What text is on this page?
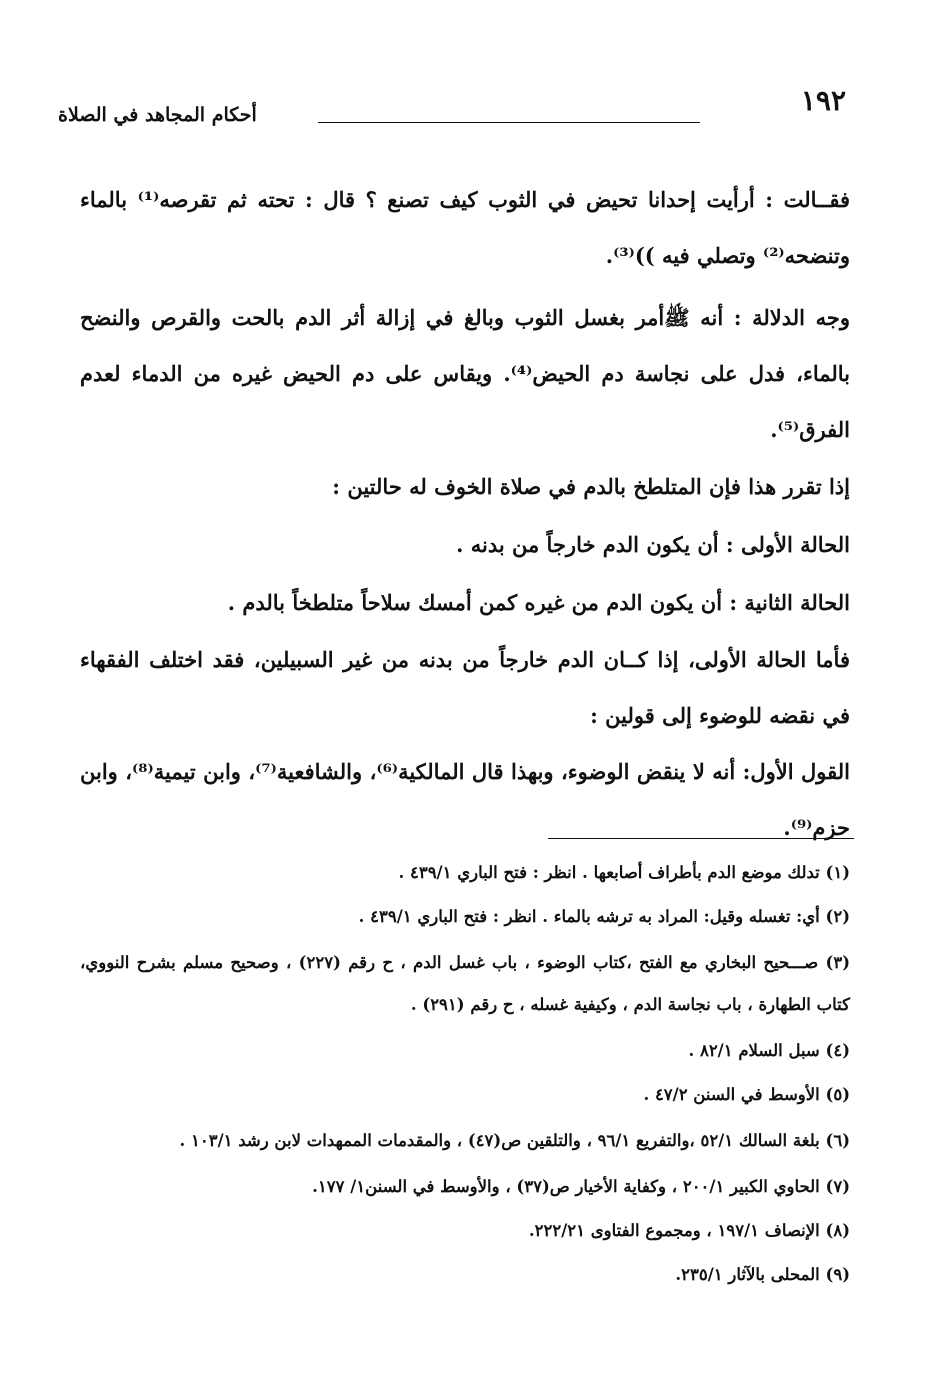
١٩٢
أحكام المجاهد في الصلاة

فقــالت : أرأيت إحدانا تحيض في الثوب كيف تصنع ؟ قال : تحته ثم تقرصه⁽¹⁾ بالماء وتنضحه⁽²⁾ وتصلي فيه ))⁽³⁾.

وجه الدلالة : أنه ﷺأمر بغسل الثوب وبالغ في إزالة أثر الدم بالحت والقرص والنضح بالماء، فدل على نجاسة دم الحيض⁽⁴⁾. ويقاس على دم الحيض غيره من الدماء لعدم الفرق⁽⁵⁾.

إذا تقرر هذا فإن المتلطخ بالدم في صلاة الخوف له حالتين :

الحالة الأولى : أن يكون الدم خارجاً من بدنه .

الحالة الثانية : أن يكون الدم من غيره كمن أمسك سلاحاً متلطخاً بالدم .

فأما الحالة الأولى، إذا كــان الدم خارجاً من بدنه من غير السبيلين، فقد اختلف الفقهاء في نقضه للوضوء إلى قولين :

القول الأول: أنه لا ينقض الوضوء، وبهذا قال المالكية⁽⁶⁾، والشافعية⁽⁷⁾، وابن تيمية⁽⁸⁾، وابن حزم⁽⁹⁾.

(١) تدلك موضع الدم بأطراف أصابعها . انظر : فتح الباري ٤٣٩/١ .

(٢) أي: تغسله وقيل: المراد به ترشه بالماء . انظر : فتح الباري ٤٣٩/١ .

(٣) صـــحيح البخاري مع الفتح ،كتاب الوضوء ، باب غسل الدم ، ح رقم (٢٢٧) ، وصحيح مسلم بشرح النووي، كتاب الطهارة ، باب نجاسة الدم ، وكيفية غسله ، ح رقم (٢٩١) .

(٤) سبل السلام ٨٢/١ .

(٥) الأوسط في السنن ٤٧/٢ .

(٦) بلغة السالك ٥٢/١ ،والتفريع ٩٦/١ ، والتلقين ص(٤٧) ، والمقدمات الممهدات لابن رشد ١٠٣/١ .

(٧) الحاوي الكبير ٢٠٠/١ ، وكفاية الأخيار ص(٣٧) ، والأوسط في السنن١/ ١٧٧.

(٨) الإنصاف ١٩٧/١ ، ومجموع الفتاوى ٢٢٢/٢١.

(٩) المحلى بالآثار ٢٣٥/١.
